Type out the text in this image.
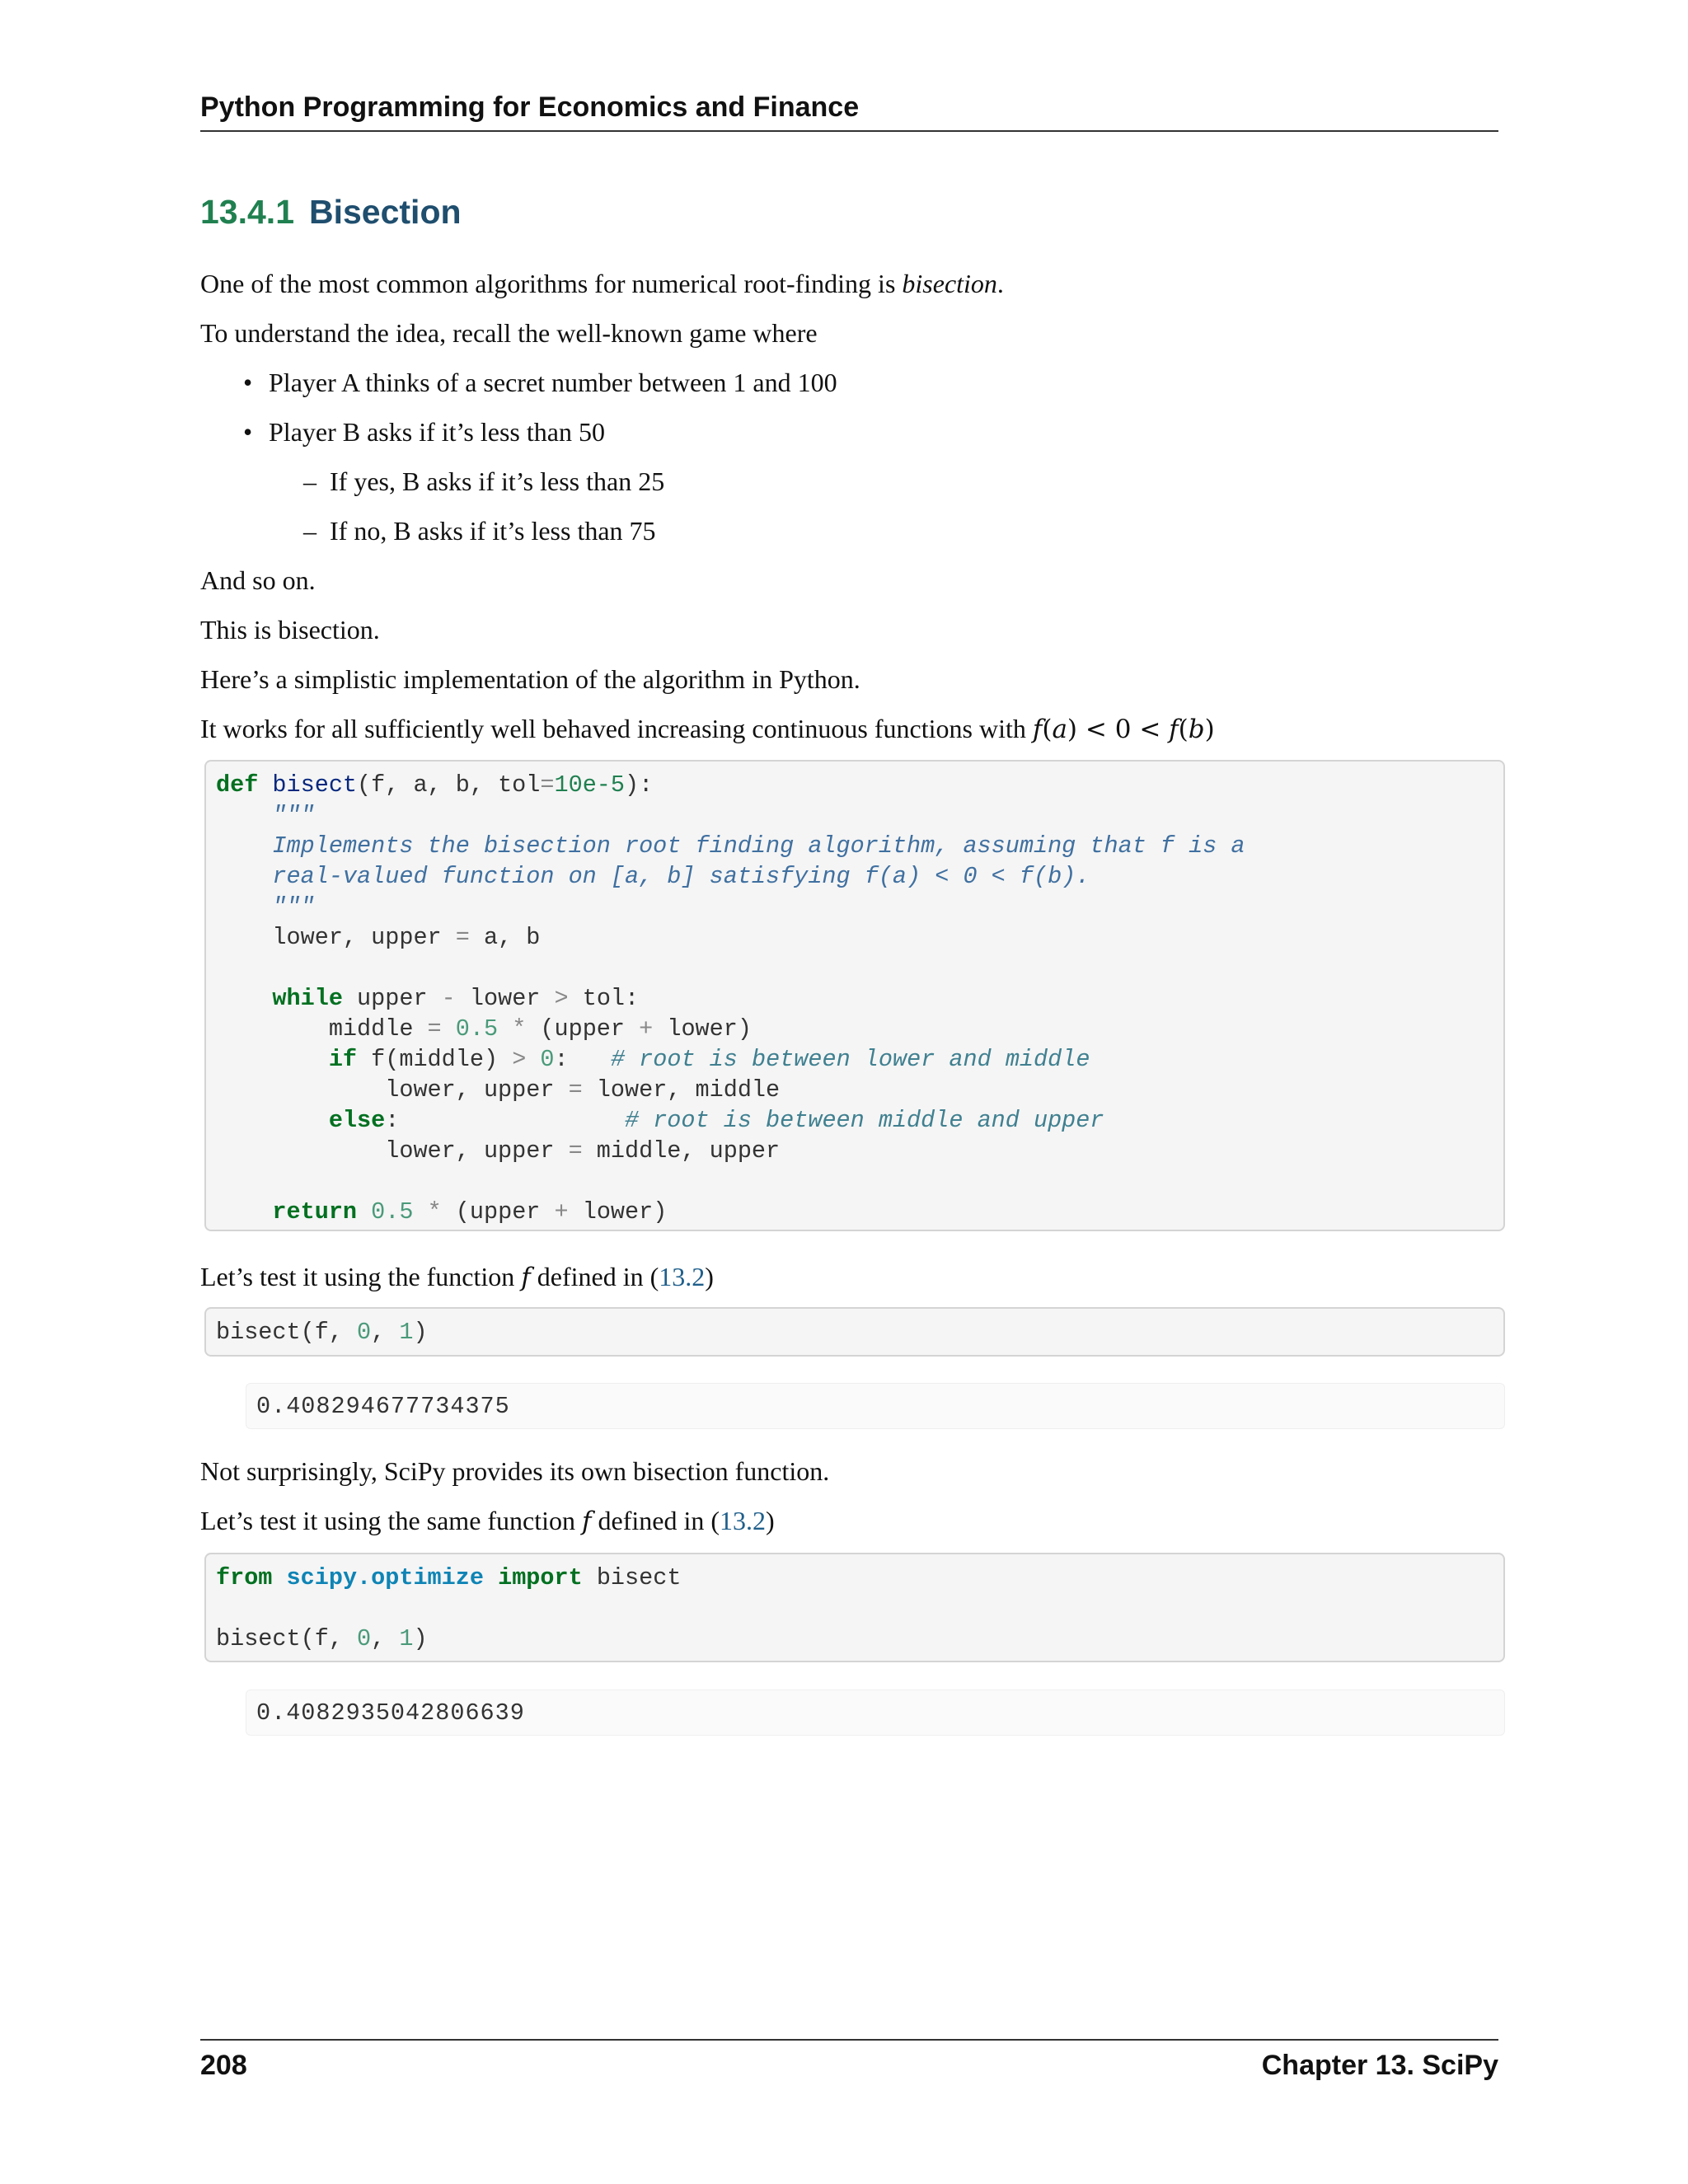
Python Programming for Economics and Finance
13.4.1 Bisection

One of the most common algorithms for numerical root-finding is bisection.

To understand the idea, recall the well-known game where

• Player A thinks of a secret number between 1 and 100
• Player B asks if it’s less than 50
– If yes, B asks if it’s less than 25
– If no, B asks if it’s less than 75

And so on.

This is bisection.

Here’s a simplistic implementation of the algorithm in Python.

It works for all sufficiently well behaved increasing continuous functions with f(a) < 0 < f(b)

def bisect(f, a, b, tol=10e-5):
"""
Implements the bisection root finding algorithm, assuming that f is a
real-valued function on [a, b] satisfying f(a) < 0 < f(b).
"""
lower, upper = a, b

while upper - lower > tol:
middle = 0.5 * (upper + lower)
if f(middle) > 0:   # root is between lower and middle
lower, upper = lower, middle
else:                # root is between middle and upper
lower, upper = middle, upper

return 0.5 * (upper + lower)

Let’s test it using the function f defined in (13.2)

bisect(f, 0, 1)
0.408294677734375

Not surprisingly, SciPy provides its own bisection function.

Let’s test it using the same function f defined in (13.2)

from scipy.optimize import bisect

bisect(f, 0, 1)
0.4082935042806639
208	Chapter 13. SciPy
